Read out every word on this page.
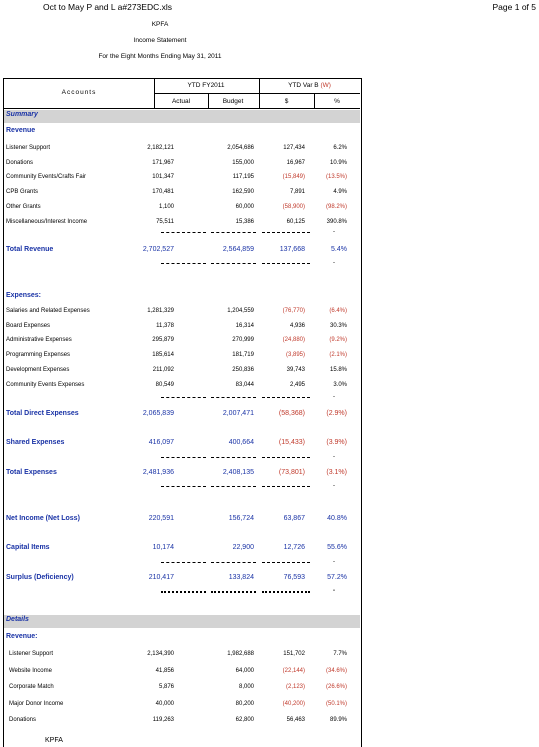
Oct to May P and L a#273EDC.xls	Page 1 of 5
KPFA
Income Statement
For the Eight Months Ending May 31, 2011
Accounts
YTD FY2011	YTD Var B (W)
Actual	Budget	$	%
Summary
Revenue
Listener Support	2,182,121	2,054,686	127,434	6.2%
Donations	171,967	155,000	16,967	10.9%
Community Events/Crafts Fair	101,347	117,195	(15,849)	(13.5%)
CPB Grants	170,481	162,590	7,891	4.9%
Other Grants	1,100	60,000	(58,900)	(98.2%)
Miscellaneous/Interest Income	75,511	15,386	60,125	390.8%
-
Total Revenue	2,702,527	2,564,859	137,668	5.4%
-
Expenses:
Salaries and Related Expenses	1,281,329	1,204,559	(76,770)	(6.4%)
Board Expenses	11,378	16,314	4,936	30.3%
Administrative Expenses	295,879	270,999	(24,880)	(9.2%)
Programming Expenses	185,614	181,719	(3,895)	(2.1%)
Development Expenses	211,092	250,836	39,743	15.8%
Community Events Expenses	80,549	83,044	2,495	3.0%
-
Total Direct Expenses	2,065,839	2,007,471	(58,368)	(2.9%)
Shared Expenses	416,097	400,664	(15,433)	(3.9%)
-
Total Expenses	2,481,936	2,408,135	(73,801)	(3.1%)
-
Net Income (Net Loss)	220,591	156,724	63,867	40.8%
Capital Items	10,174	22,900	12,726	55.6%
-
Surplus (Deficiency)	210,417	133,824	76,593	57.2%
-
Details
Revenue:
Listener Support	2,134,390	1,982,688	151,702	7.7%
Website Income	41,856	64,000	(22,144)	(34.6%)
Corporate Match	5,876	8,000	(2,123)	(26.6%)
Major Donor Income	40,000	80,200	(40,200)	(50.1%)
Donations	119,263	62,800	56,463	89.9%
KPFA
